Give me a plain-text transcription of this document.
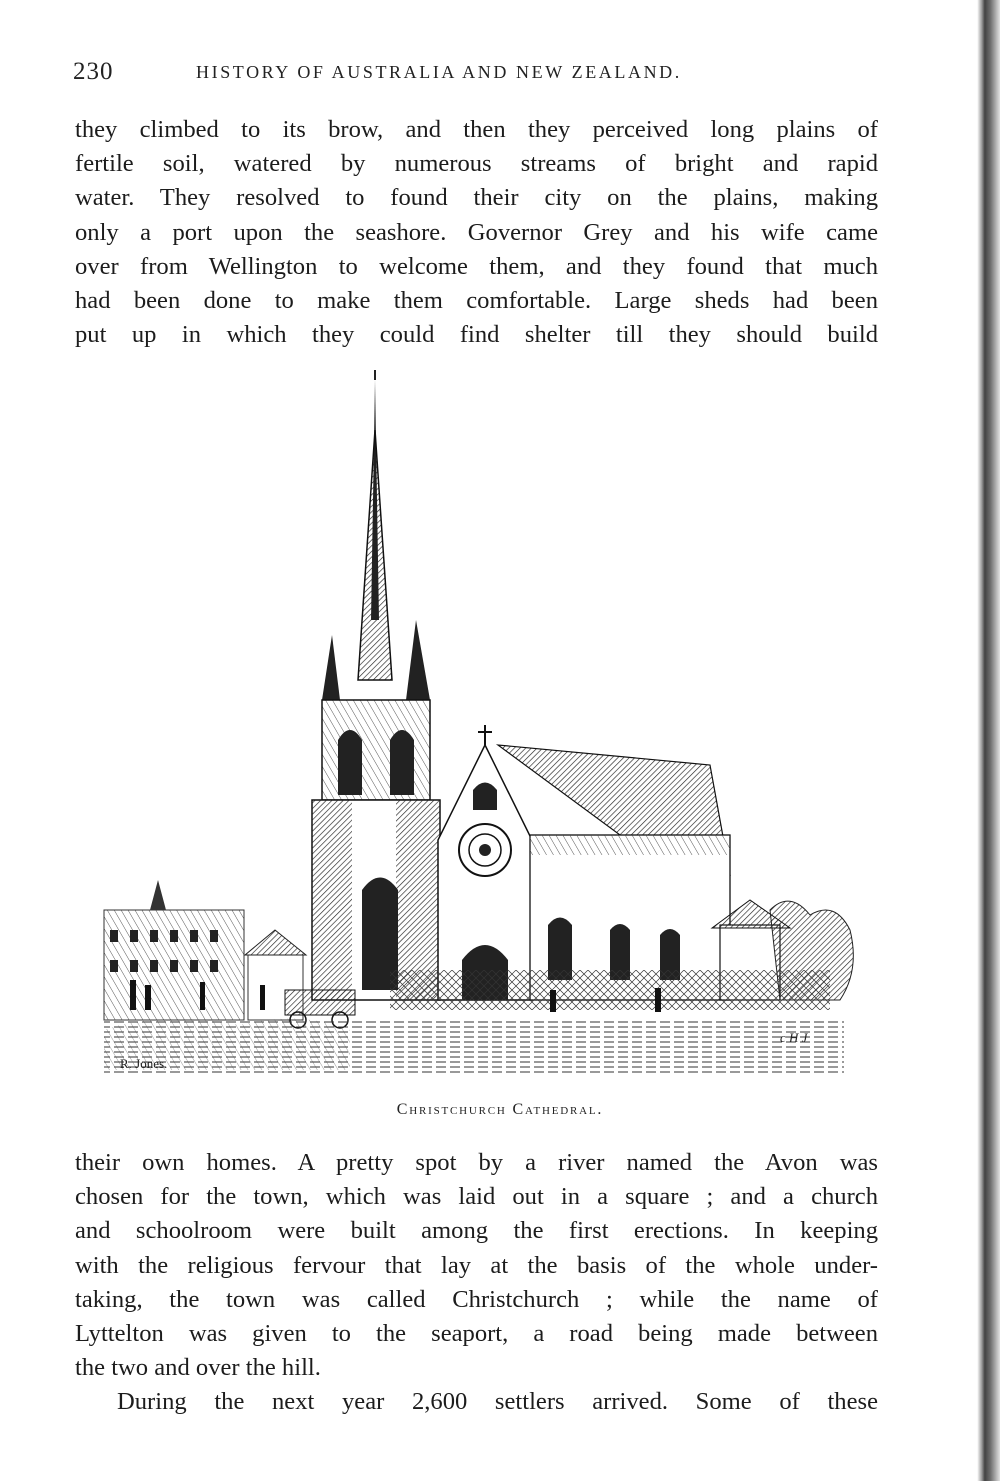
230	HISTORY OF AUSTRALIA AND NEW ZEALAND.
they climbed to its brow, and then they perceived long plains of
fertile soil, watered by numerous streams of bright and rapid
water. They resolved to found their city on the plains, making
only a port upon the seashore. Governor Grey and his wife came
over from Wellington to welcome them, and they found that much
had been done to make them comfortable. Large sheds had been
put up in which they could find shelter till they should build
R. Jones.
c H J
Christchurch Cathedral.
their own homes. A pretty spot by a river named the Avon was
chosen for the town, which was laid out in a square ; and a church
and schoolroom were built among the first erections. In keeping
with the religious fervour that lay at the basis of the whole under-
taking, the town was called Christchurch ; while the name of
Lyttelton was given to the seaport, a road being made between
the two and over the hill.
During the next year 2,600 settlers arrived. Some of these
